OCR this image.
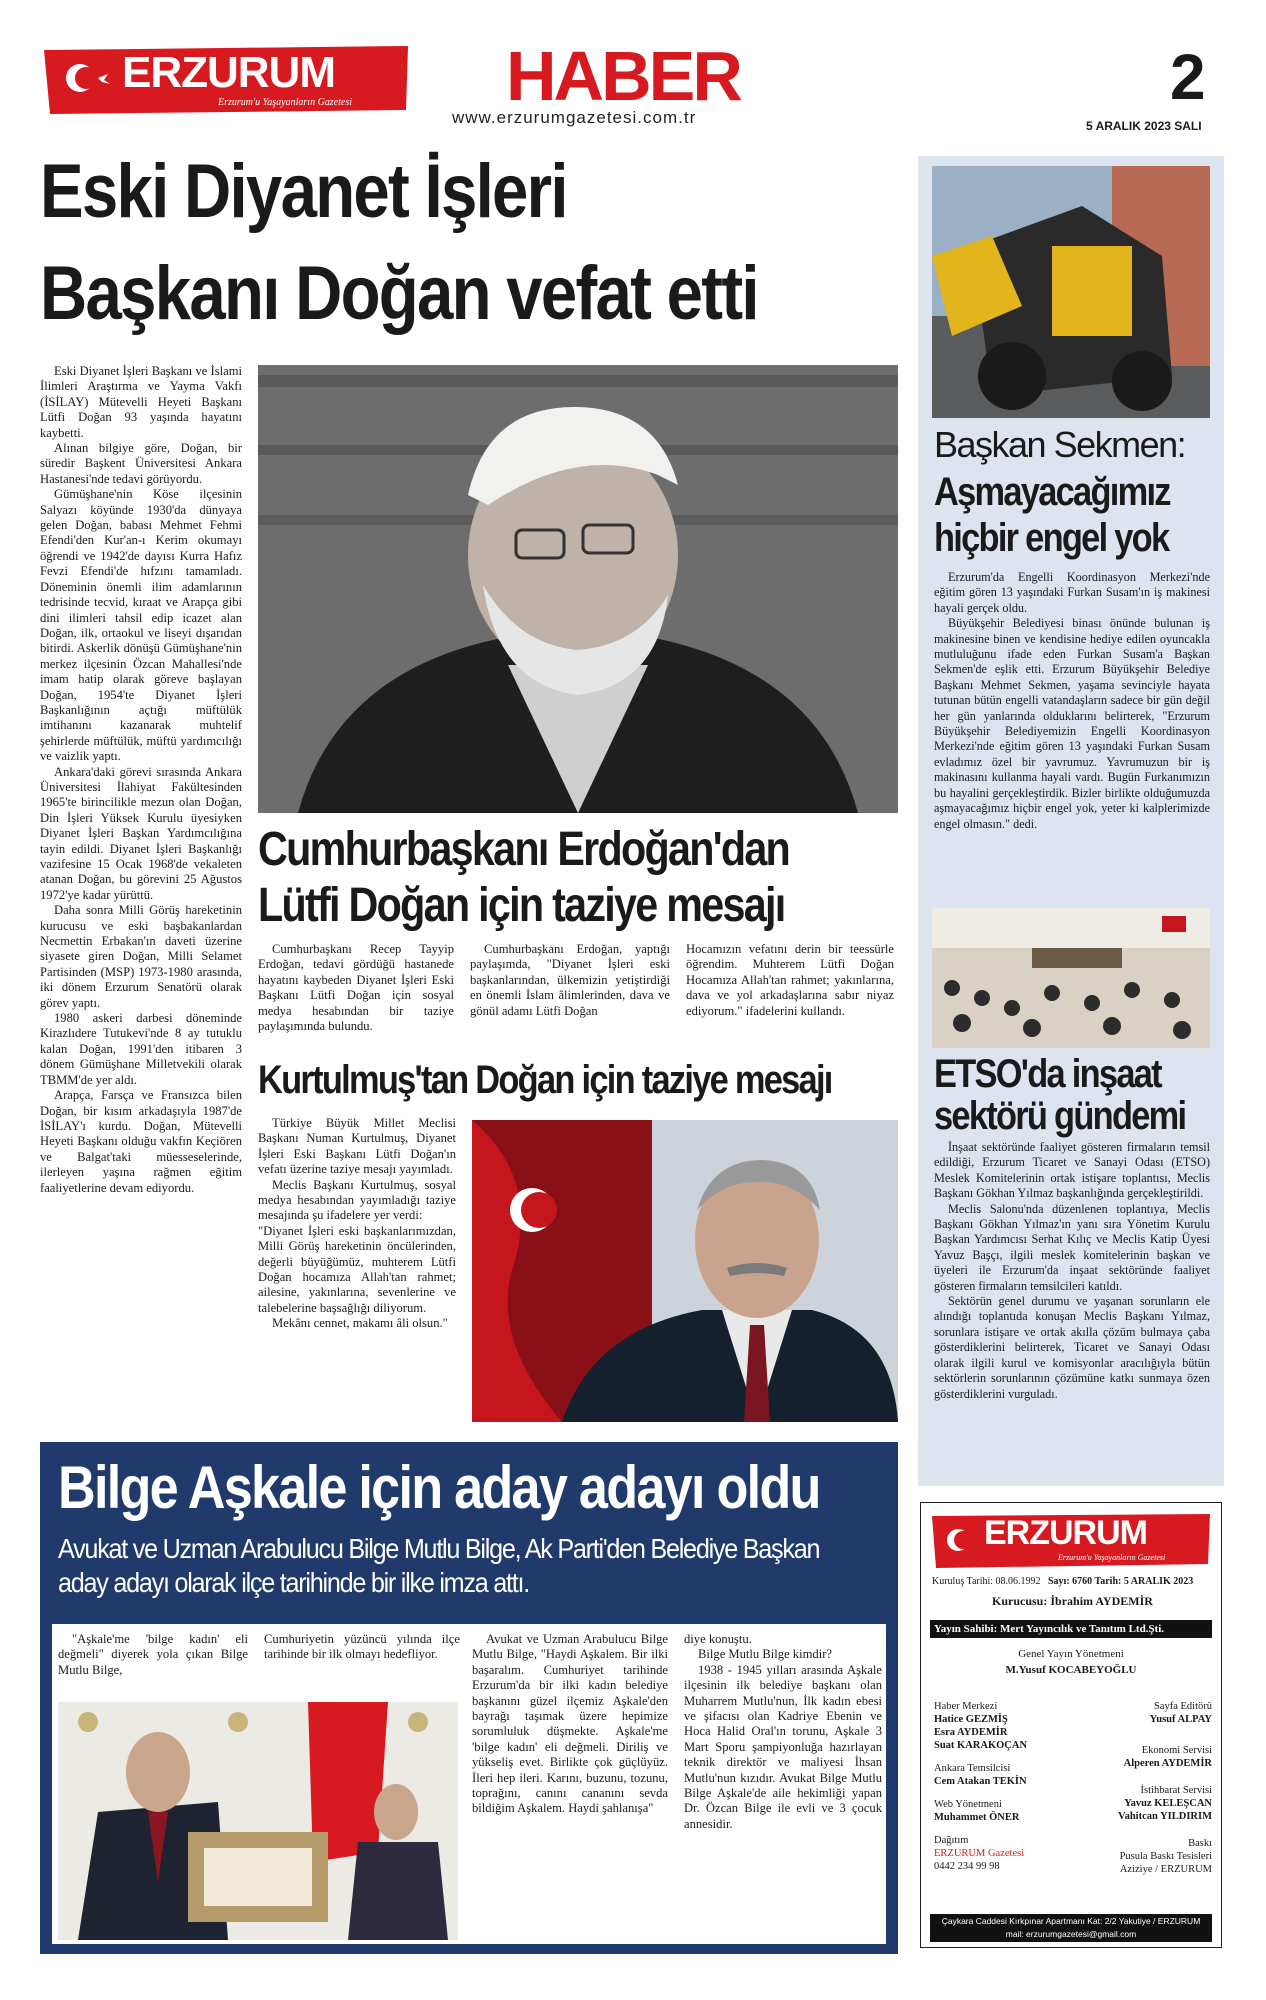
ERZURUM
Erzurum'u Yaşayanların Gazetesi HABER
www.erzurumgazetesi.com.tr
2
5 ARALIK 2023 SALI
Eski Diyanet İşleri
Başkanı Doğan vefat etti

Eski Diyanet İşleri Başkanı ve İslami İlimleri Araştırma ve Yayma Vakfı (İSİLAY) Mütevelli Heyeti Başkanı Lütfi Doğan 93 yaşında hayatını kaybetti.

Alınan bilgiye göre, Doğan, bir süredir Başkent Üniversitesi Ankara Hastanesi'nde tedavi görüyordu.

Gümüşhane'nin Köse ilçesinin Salyazı köyünde 1930'da dünyaya gelen Doğan, babası Mehmet Fehmi Efendi'den Kur'an-ı Kerim okumayı öğrendi ve 1942'de dayısı Kurra Hafız Fevzi Efendi'de hıfzını tamamladı. Döneminin önemli ilim adamlarının tedrisinde tecvid, kıraat ve Arapça gibi dini ilimleri tahsil edip icazet alan Doğan, ilk, ortaokul ve liseyi dışarıdan bitirdi. Askerlik dönüşü Gümüşhane'nin merkez ilçesinin Özcan Mahallesi'nde imam hatip olarak göreve başlayan Doğan, 1954'te Diyanet İşleri Başkanlığının açtığı müftülük imtihanını kazanarak muhtelif şehirlerde müftülük, müftü yardımcılığı ve vaizlik yaptı.

Ankara'daki görevi sırasında Ankara Üniversitesi İlahiyat Fakültesinden 1965'te birincilikle mezun olan Doğan, Din İşleri Yüksek Kurulu üyesiyken Diyanet İşleri Başkan Yardımcılığına tayin edildi. Diyanet İşleri Başkanlığı vazifesine 15 Ocak 1968'de vekaleten atanan Doğan, bu görevini 25 Ağustos 1972'ye kadar yürüttü.

Daha sonra Milli Görüş hareketinin kurucusu ve eski başbakanlardan Necmettin Erbakan'ın daveti üzerine siyasete giren Doğan, Milli Selamet Partisinden (MSP) 1973-1980 arasında, iki dönem Erzurum Senatörü olarak görev yaptı.

1980 askeri darbesi döneminde Kirazlıdere Tutukevi'nde 8 ay tutuklu kalan Doğan, 1991'den itibaren 3 dönem Gümüşhane Milletvekili olarak TBMM'de yer aldı.

Arapça, Farsça ve Fransızca bilen Doğan, bir kısım arkadaşıyla 1987'de İSİLAY'ı kurdu. Doğan, Mütevelli Heyeti Başkanı olduğu vakfın Keçiören ve Balgat'taki müesseselerinde, ilerleyen yaşına rağmen eğitim faaliyetlerine devam ediyordu.

Cumhurbaşkanı Erdoğan'dan
Lütfi Doğan için taziye mesajı

Cumhurbaşkanı Recep Tayyip Erdoğan, tedavi gördüğü hastanede hayatını kaybeden Diyanet İşleri Eski Başkanı Lütfi Doğan için sosyal medya hesabından bir taziye paylaşımında bulundu.

Cumhurbaşkanı Erdoğan, yaptığı paylaşımda, "Diyanet İşleri eski başkanlarından, ülkemizin yetiştirdiği en önemli İslam âlimlerinden, dava ve gönül adamı Lütfi Doğan

Hocamızın vefatını derin bir teessürle öğrendim. Muhterem Lütfi Doğan Hocamıza Allah'tan rahmet; yakınlarına, dava ve yol arkadaşlarına sabır niyaz ediyorum." ifadelerini kullandı.

Kurtulmuş'tan Doğan için taziye mesajı

Türkiye Büyük Millet Meclisi Başkanı Numan Kurtulmuş, Diyanet İşleri Eski Başkanı Lütfi Doğan'ın vefatı üzerine taziye mesajı yayımladı.

Meclis Başkanı Kurtulmuş, sosyal medya hesabından yayımladığı taziye mesajında şu ifadelere yer verdi:

"Diyanet İşleri eski başkanlarımızdan, Milli Görüş hareketinin öncülerinden, değerli büyüğümüz, muhterem Lütfi Doğan hocamıza Allah'tan rahmet; ailesine, yakınlarına, sevenlerine ve talebelerine başsağlığı diliyorum.

Mekânı cennet, makamı âli olsun."

Başkan Sekmen:
Aşmayacağımız
hiçbir engel yok

Erzurum'da Engelli Koordinasyon Merkezi'nde eğitim gören 13 yaşındaki Furkan Susam'ın iş makinesi hayali gerçek oldu.

Büyükşehir Belediyesi binası önünde bulunan iş makinesine binen ve kendisine hediye edilen oyuncakla mutluluğunu ifade eden Furkan Susam'a Başkan Sekmen'de eşlik etti. Erzurum Büyükşehir Belediye Başkanı Mehmet Sekmen, yaşama sevinciyle hayata tutunan bütün engelli vatandaşların sadece bir gün değil her gün yanlarında olduklarını belirterek, "Erzurum Büyükşehir Belediyemizin Engelli Koordinasyon Merkezi'nde eğitim gören 13 yaşındaki Furkan Susam evladımız özel bir yavrumuz. Yavrumuzun bir iş makinasını kullanma hayali vardı. Bugün Furkanımızın bu hayalini gerçekleştirdik. Bizler birlikte olduğumuzda aşmayacağımız hiçbir engel yok, yeter ki kalplerimizde engel olmasın." dedi.

ETSO'da inşaat
sektörü gündemi

İnşaat sektöründe faaliyet gösteren firmaların temsil edildiği, Erzurum Ticaret ve Sanayi Odası (ETSO) Meslek Komitelerinin ortak istişare toplantısı, Meclis Başkanı Gökhan Yılmaz başkanlığında gerçekleştirildi.

Meclis Salonu'nda düzenlenen toplantıya, Meclis Başkanı Gökhan Yılmaz'ın yanı sıra Yönetim Kurulu Başkan Yardımcısı Serhat Kılıç ve Meclis Katip Üyesi Yavuz Başçı, ilgili meslek komitelerinin başkan ve üyeleri ile Erzurum'da inşaat sektöründe faaliyet gösteren firmaların temsilcileri katıldı.

Sektörün genel durumu ve yaşanan sorunların ele alındığı toplantıda konuşan Meclis Başkanı Yılmaz, sorunlara istişare ve ortak akılla çözüm bulmaya çaba gösterdiklerini belirterek, Ticaret ve Sanayi Odası olarak ilgili kurul ve komisyonlar aracılığıyla bütün sektörlerin sorunlarının çözümüne katkı sunmaya özen gösterdiklerini vurguladı.

Bilge Aşkale için aday adayı oldu
Avukat ve Uzman Arabulucu Bilge Mutlu Bilge, Ak Parti'den Belediye Başkan aday adayı olarak ilçe tarihinde bir ilke imza attı.

"Aşkale'me 'bilge kadın' eli değmeli" diyerek yola çıkan Bilge Mutlu Bilge,

Cumhuriyetin yüzüncü yılında ilçe tarihinde bir ilk olmayı hedefliyor.

Avukat ve Uzman Arabulucu Bilge Mutlu Bilge, "Haydi Aşkalem. Bir ilki başaralım. Cumhuriyet tarihinde Erzurum'da bir ilki kadın belediye başkanını güzel ilçemiz Aşkale'den bayrağı taşımak üzere hepimize sorumluluk düşmekte. Aşkale'me 'bilge kadın' eli değmeli. Diriliş ve yükseliş evet. Birlikte çok güçlüyüz. İleri hep ileri. Karını, buzunu, tozunu, toprağını, canını cananını sevda bildiğim Aşkalem. Haydi şahlanışa"

diye konuştu.

Bilge Mutlu Bilge kimdir?

1938 - 1945 yılları arasında Aşkale ilçesinin ilk belediye başkanı olan Muharrem Mutlu'nun, İlk kadın ebesi ve şifacısı olan Kadriye Ebenin ve Hoca Halid Oral'ın torunu, Aşkale 3 Mart Sporu şampiyonluğa hazırlayan teknik direktör ve maliyesi İhsan Mutlu'nun kızıdır. Avukat Bilge Mutlu Bilge Aşkale'de aile hekimliği yapan Dr. Özcan Bilge ile evli ve 3 çocuk annesidir.

ERZURUM
Erzurum'u Yaşayanların Gazetesi
Kuruluş Tarihi: 08.06.1992 Sayı: 6760 Tarih: 5 ARALIK 2023
Kurucusu: İbrahim AYDEMİR
Yayın Sahibi: Mert Yayıncılık ve Tanıtım Ltd.Şti.
Genel Yayın Yönetmeni
M.Yusuf KOCABEYOĞLU
Haber Merkezi
Hatice GEZMİŞ
Esra AYDEMİR
Suat KARAKOÇAN
Ankara Temsilcisi
Cem Atakan TEKİN
Web Yönetmeni
Muhammet ÖNER
Dağıtım
ERZURUM Gazetesi
0442 234 99 98
Sayfa Editörü
Yusuf ALPAY
Ekonomi Servisi
Alperen AYDEMİR
İstihbarat Servisi
Yavuz KELEŞCAN
Vahitcan YILDIRIM
Baskı
Pusula Baskı Tesisleri
Aziziye / ERZURUM
Çaykara Caddesi Kırkpınar Apartmanı Kat: 2/2 Yakutiye / ERZURUM
mail: erzurumgazetesi@gmail.com
